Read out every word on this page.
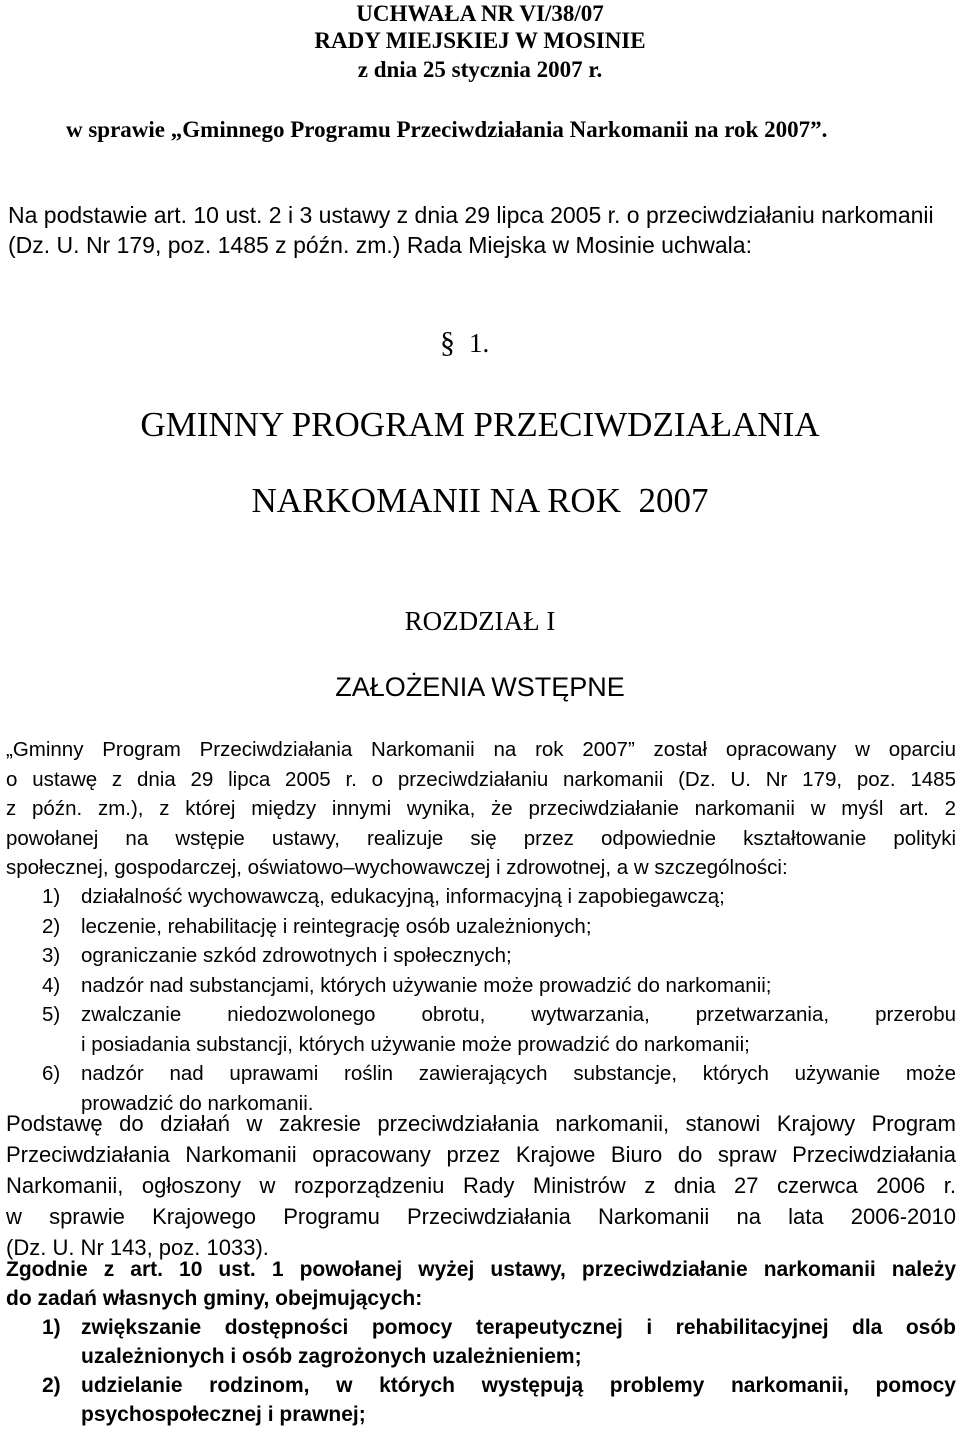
UCHWAŁA NR VI/38/07
RADY MIEJSKIEJ W MOSINIE
z dnia 25 stycznia 2007 r.
w sprawie „Gminnego Programu Przeciwdziałania Narkomanii na rok 2007”.
Na podstawie art. 10 ust. 2 i 3 ustawy z dnia 29 lipca 2005 r. o przeciwdziałaniu narkomanii
(Dz. U. Nr 179, poz. 1485 z późn. zm.) Rada Miejska w Mosinie uchwala:
§ 1.
GMINNY PROGRAM PRZECIWDZIAŁANIA
NARKOMANII NA ROK  2007
ROZDZIAŁ I
ZAŁOŻENIA WSTĘPNE
„Gminny Program Przeciwdziałania Narkomanii na rok 2007” został opracowany w oparciu
o ustawę z dnia 29 lipca 2005 r. o przeciwdziałaniu narkomanii (Dz. U. Nr 179, poz. 1485
z późn. zm.), z której między innymi wynika, że przeciwdziałanie narkomanii w myśl art. 2
powołanej na wstępie ustawy, realizuje się przez odpowiednie kształtowanie polityki
społecznej, gospodarczej, oświatowo–wychowawczej i zdrowotnej, a w szczególności:
1) działalność wychowawczą, edukacyjną, informacyjną i zapobiegawczą;
2) leczenie, rehabilitację i reintegrację osób uzależnionych;
3) ograniczanie szkód zdrowotnych i społecznych;
4) nadzór nad substancjami, których używanie może prowadzić do narkomanii;
5) zwalczanie niedozwolonego obrotu, wytwarzania, przetwarzania, przerobu
i posiadania substancji, których używanie może prowadzić do narkomanii;
6) nadzór nad uprawami roślin zawierających substancje, których używanie może
prowadzić do narkomanii.
Podstawę do działań w zakresie przeciwdziałania narkomanii, stanowi Krajowy Program
Przeciwdziałania Narkomanii opracowany przez Krajowe Biuro do spraw Przeciwdziałania
Narkomanii, ogłoszony w rozporządzeniu Rady Ministrów z dnia 27 czerwca 2006 r.
w sprawie Krajowego Programu Przeciwdziałania Narkomanii na lata 2006-2010
(Dz. U. Nr 143, poz. 1033).
Zgodnie z art. 10 ust. 1 powołanej wyżej ustawy, przeciwdziałanie narkomanii należy
do zadań własnych gminy, obejmujących:
1) zwiększanie dostępności pomocy terapeutycznej i rehabilitacyjnej dla osób
uzależnionych i osób zagrożonych uzależnieniem;
2) udzielanie rodzinom, w których występują problemy narkomanii, pomocy
psychospołecznej i prawnej;
